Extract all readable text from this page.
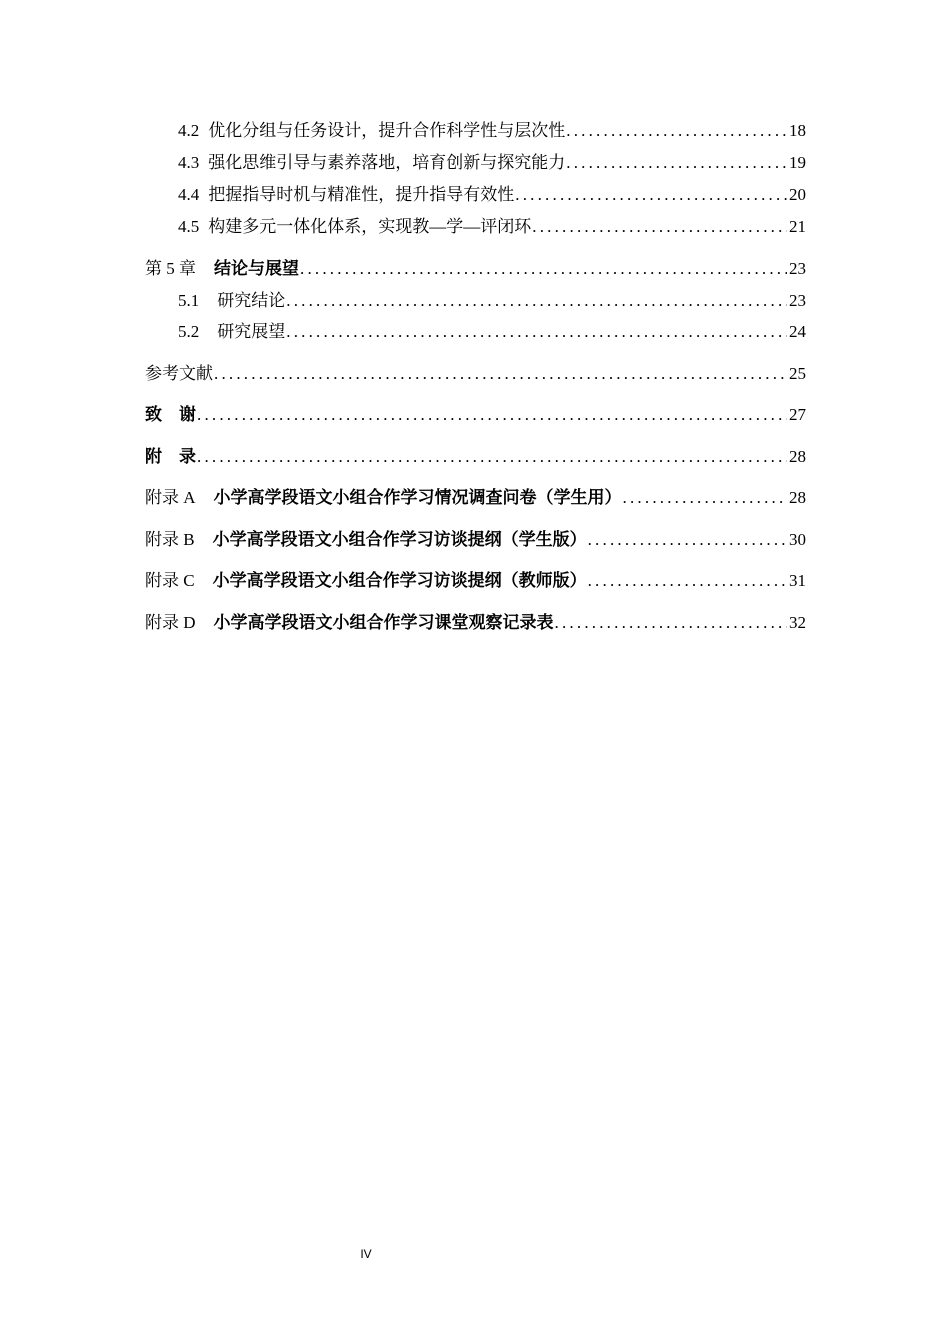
4.2 优化分组与任务设计，提升合作科学性与层次性 .....	18
4.3 强化思维引导与素养落地，培育创新与探究能力 .....	19
4.4 把握指导时机与精准性，提升指导有效性 .....	20
4.5 构建多元一体化体系，实现教—学—评闭环 .....	21
第 5 章 结论与展望 .....	23
5.1 研究结论 .....	23
5.2 研究展望 .....	24
参考文献 .....	25
致　谢 .....	27
附　录 .....	28
附录 A 小学高学段语文小组合作学习情况调查问卷（学生用） .....	28
附录 B 小学高学段语文小组合作学习访谈提纲（学生版） .....	30
附录 C 小学高学段语文小组合作学习访谈提纲（教师版） .....	31
附录 D 小学高学段语文小组合作学习课堂观察记录表 .....	32
IV
